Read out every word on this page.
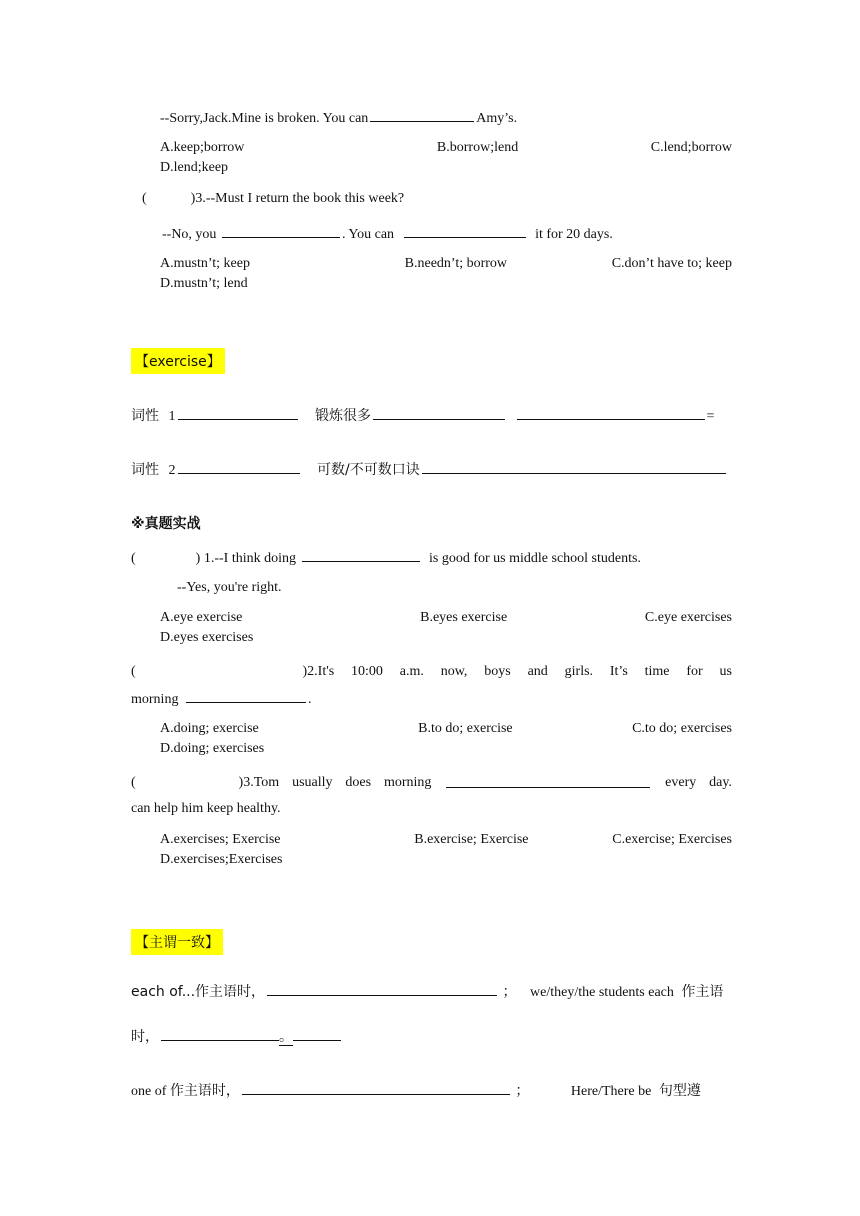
--Sorry,Jack.Mine is broken. You can	Amy’s.
A.keep;borrow	B.borrow;lend	C.lend;borrow
D.lend;keep
(	)3.--Must I return the book this week?
--No, you	. You can	it for 20 days.
A.mustn’t; keep	B.needn’t; borrow	C.don’t have to; keep
D.mustn’t; lend
【exercise】
词性 1	锻炼很多	=
词性 2	可数/不可数口诀
※真题实战
(	) 1.--I think doing	is good for us middle school students.
--Yes, you're right.
A.eye exercise	B.eyes exercise	C.eye exercises
D.eyes exercises
(	)2.It's 10:00 a.m. now, boys and girls. It’s time for us
morning	.
A.doing; exercise	B.to do; exercise	C.to do; exercises
D.doing; exercises
(	)3.Tom usually does morning	every day.
can help him keep healthy.
A.exercises; Exercise	B.exercise; Exercise	C.exercise; Exercises
D.exercises;Exercises
【主谓一致】
each of...作主语时，	； we/they/the students each 作主语
时，	。
one of 作主语时，	；	Here/There be 句型遵
